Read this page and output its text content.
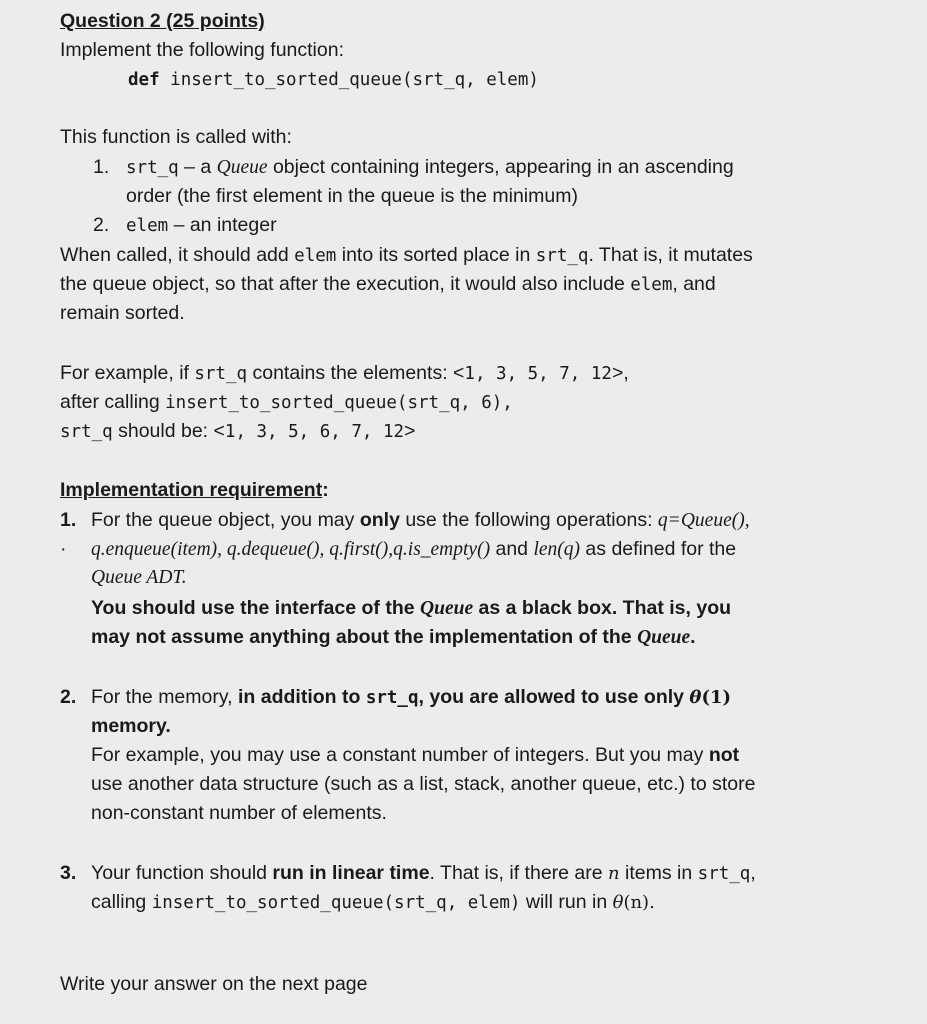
Question 2 (25 points)
Implement the following function:
def insert_to_sorted_queue(srt_q, elem)
This function is called with:
1. srt_q – a Queue object containing integers, appearing in an ascending
order (the first element in the queue is the minimum)
2. elem – an integer
When called, it should add elem into its sorted place in srt_q. That is, it mutates
the queue object, so that after the execution, it would also include elem, and
remain sorted.
For example, if srt_q contains the elements: <1, 3, 5, 7, 12>,
after calling insert_to_sorted_queue(srt_q, 6),
srt_q should be: <1, 3, 5, 6, 7, 12>
Implementation requirement:
1. For the queue object, you may only use the following operations: q=Queue(),
· q.enqueue(item), q.dequeue(), q.first(),q.is_empty() and len(q) as defined for the
Queue ADT.
You should use the interface of the Queue as a black box. That is, you
may not assume anything about the implementation of the Queue.
2. For the memory, in addition to srt_q, you are allowed to use only θ(1)
memory.
For example, you may use a constant number of integers. But you may not
use another data structure (such as a list, stack, another queue, etc.) to store
non-constant number of elements.
3. Your function should run in linear time. That is, if there are n items in srt_q,
calling insert_to_sorted_queue(srt_q, elem) will run in θ(n).
Write your answer on the next page
